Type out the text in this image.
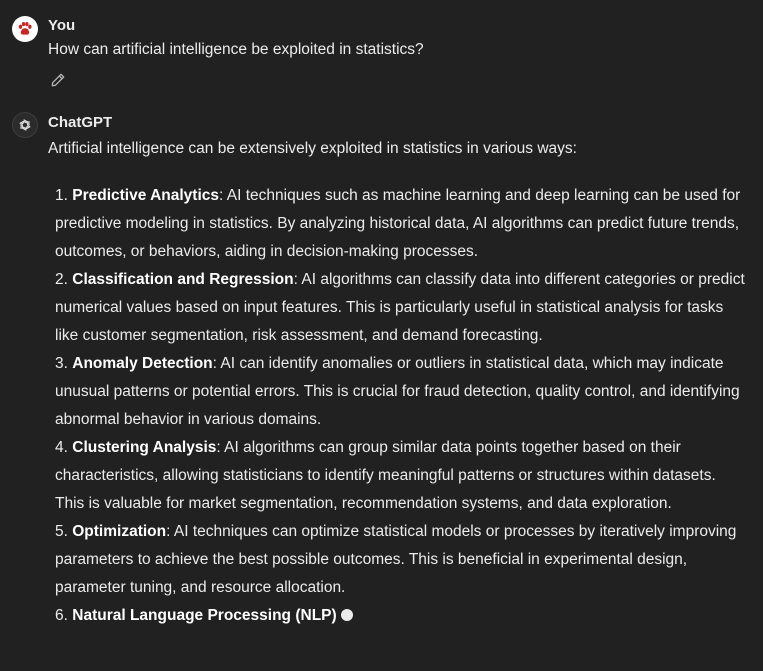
You
How can artificial intelligence be exploited in statistics?
ChatGPT
Artificial intelligence can be extensively exploited in statistics in various ways:
1. Predictive Analytics: AI techniques such as machine learning and deep learning can be used for predictive modeling in statistics. By analyzing historical data, AI algorithms can predict future trends, outcomes, or behaviors, aiding in decision-making processes.
2. Classification and Regression: AI algorithms can classify data into different categories or predict numerical values based on input features. This is particularly useful in statistical analysis for tasks like customer segmentation, risk assessment, and demand forecasting.
3. Anomaly Detection: AI can identify anomalies or outliers in statistical data, which may indicate unusual patterns or potential errors. This is crucial for fraud detection, quality control, and identifying abnormal behavior in various domains.
4. Clustering Analysis: AI algorithms can group similar data points together based on their characteristics, allowing statisticians to identify meaningful patterns or structures within datasets. This is valuable for market segmentation, recommendation systems, and data exploration.
5. Optimization: AI techniques can optimize statistical models or processes by iteratively improving parameters to achieve the best possible outcomes. This is beneficial in experimental design, parameter tuning, and resource allocation.
6. Natural Language Processing (NLP)
